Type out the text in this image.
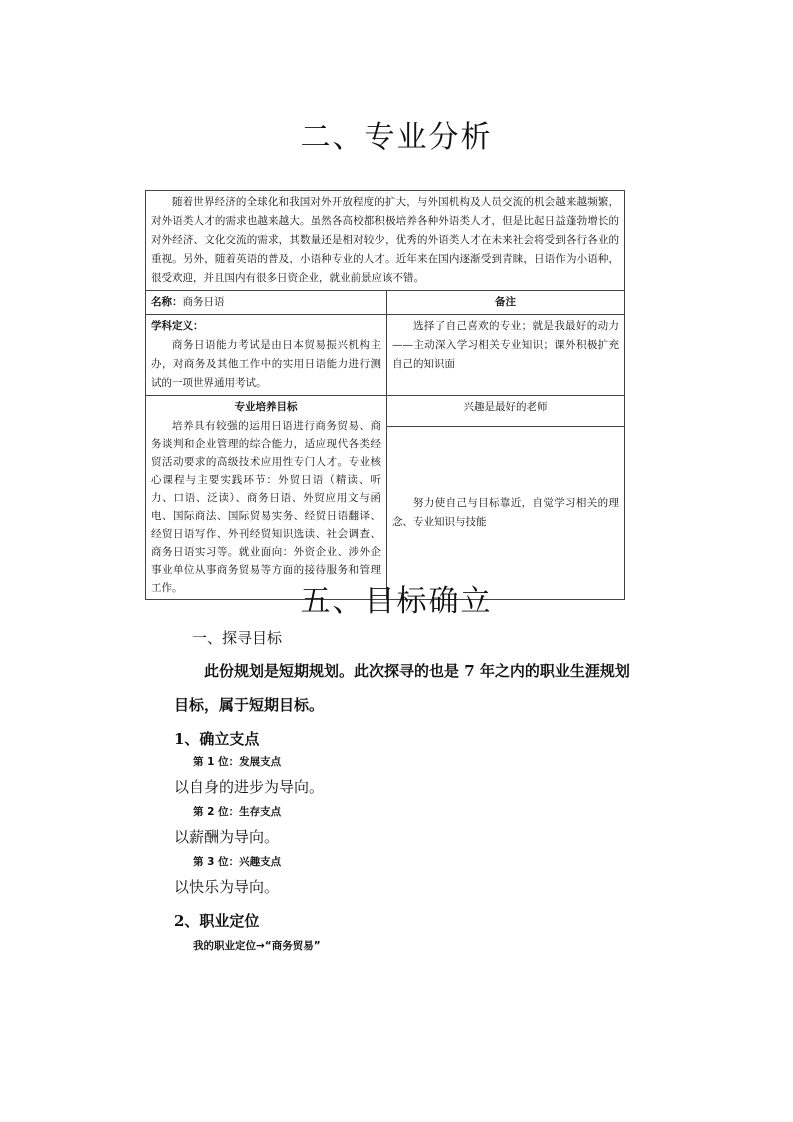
二、专业分析
随着世界经济的全球化和我国对外开放程度的扩大，与外国机构及人员交流的机会越来越频繁，对外语类人才的需求也越来越大。虽然各高校都积极培养各种外语类人才，但是比起日益蓬勃增长的对外经济、文化交流的需求，其数量还是相对较少，优秀的外语类人才在未来社会将受到各行各业的重视。另外，随着英语的普及，小语种专业的人才。近年来在国内逐渐受到青睐，日语作为小语种，很受欢迎，并且国内有很多日资企业，就业前景应该不错。	
名称：商务日语	备注

学科定义：
商务日语能力考试是由日本贸易振兴机构主办，对商务及其他工作中的实用日语能力进行测试的一项世界通用考试。	选择了自己喜欢的专业；就是我最好的动力——主动深入学习相关专业知识；课外积极扩充自己的知识面

专业培养目标
培养具有较强的运用日语进行商务贸易、商务谈判和企业管理的综合能力，适应现代各类经贸活动要求的高级技术应用性专门人才。专业核心课程与主要实践环节：外贸日语（精读、听力、口语、泛读）、商务日语、外贸应用文与函电、国际商法、国际贸易实务、经贸日语翻译、经贸日语写作、外刊经贸知识选读、社会调查、商务日语实习等。就业面向：外资企业、涉外企事业单位从事商务贸易等方面的接待服务和管理工作。	兴趣是最好的老师
	努力使自己与目标靠近，自觉学习相关的理念、专业知识与技能
五、目标确立
一、探寻目标
此份规划是短期规划。此次探寻的也是 7 年之内的职业生涯规划目标，属于短期目标。
1、确立支点
第 1 位：发展支点
以自身的进步为导向。
第 2 位：生存支点
以薪酬为导向。
第 3 位：兴趣支点
以快乐为导向。
2、职业定位
我的职业定位→“商务贸易”
